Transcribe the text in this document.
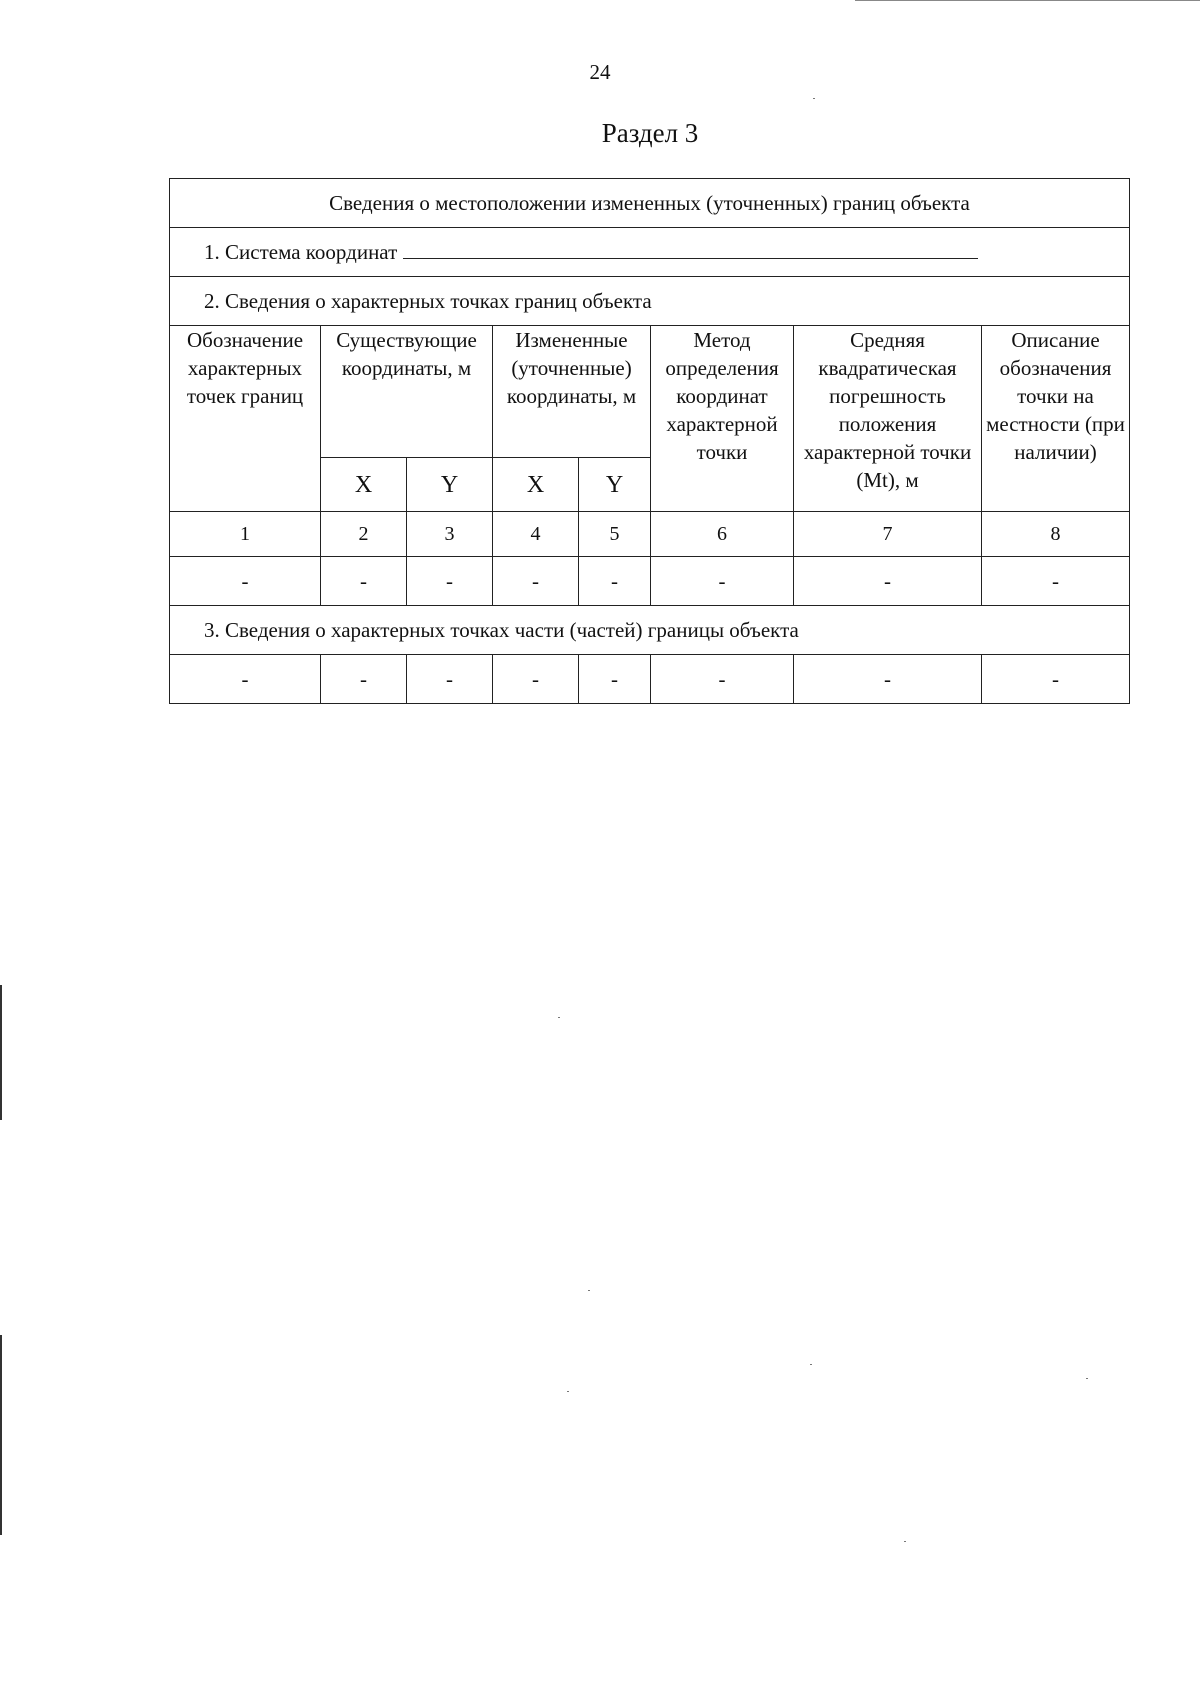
24
Раздел 3
Сведения о местоположении измененных (уточненных) границ объекта							
1. Система координат							
2. Сведения о характерных точках границ объекта							

Обозначение характерных точек границ	Существующие координаты, м		Измененные (уточненные) координаты, м		Метод определения координат характерной точки	Средняя квадратическая погрешность положения характерной точки (Мt), м	Описание обозначения точки на местности (при наличии)

	X	Y	X	Y			
1	2	3	4	5	6	7	8
-	-	-	-	-	-	-	-
3. Сведения о характерных точках части (частей) границы объекта							
-	-	-	-	-	-	-	-
